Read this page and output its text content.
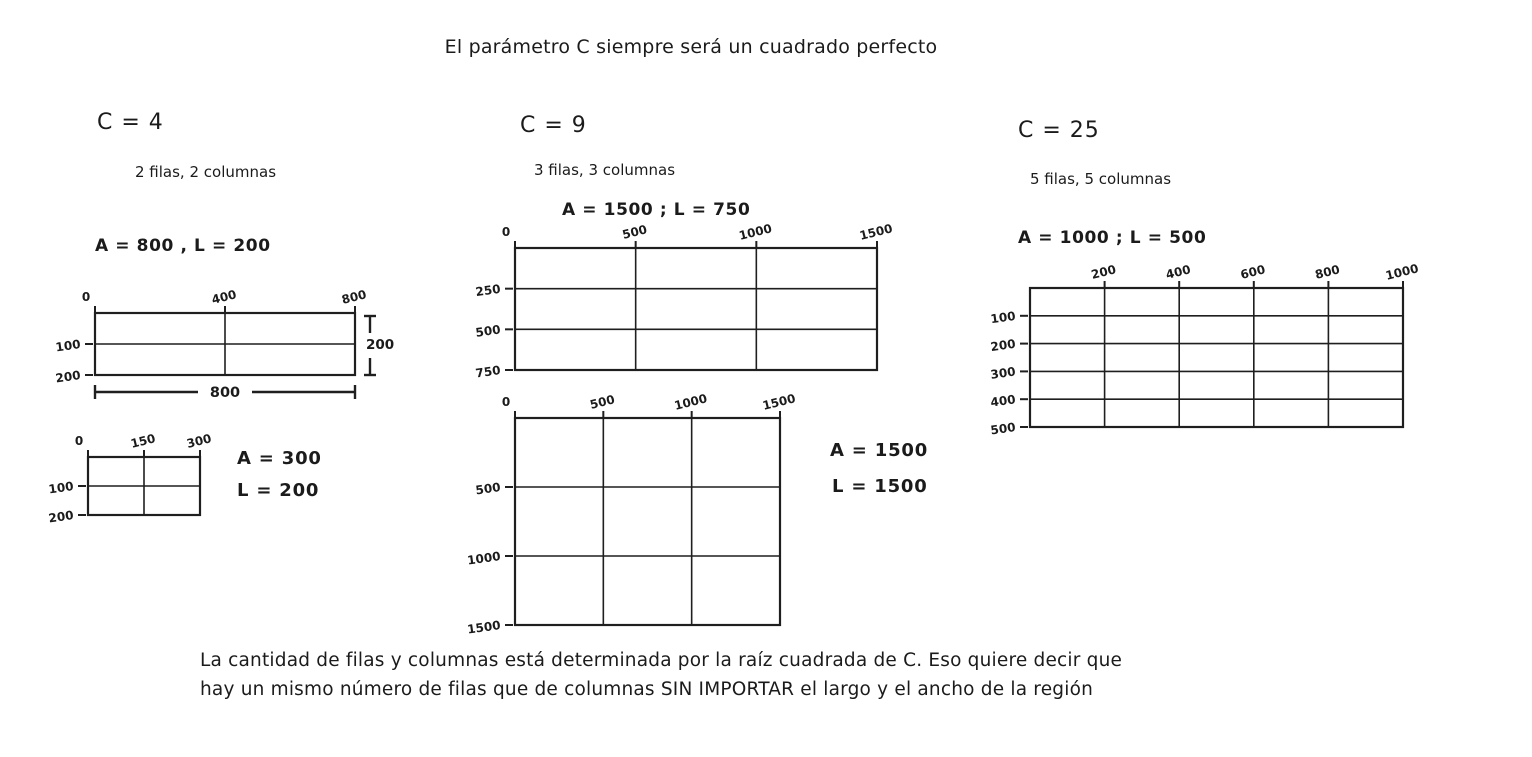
El parámetro C siempre será un cuadrado perfecto
C = 4
2 filas, 2 columnas
A = 800 , L = 200
C = 9
3 filas, 3 columnas
A = 1500 ; L = 750
C = 25
5 filas, 5 columnas
A = 1000 ; L = 500
A = 300
L = 200
A = 1500
L = 1500
0	400	800
100
200
200
800
0	150 300
100
200
0	500	1000	1500
250
500
750
0	500	1000	1500
500
1000
1500
200	400	600	800	1000
100
200
300
400
500
La cantidad de filas y columnas está determinada por la raíz cuadrada de C. Eso quiere decir que
hay un mismo número de filas que de columnas SIN IMPORTAR el largo y el ancho de la región
